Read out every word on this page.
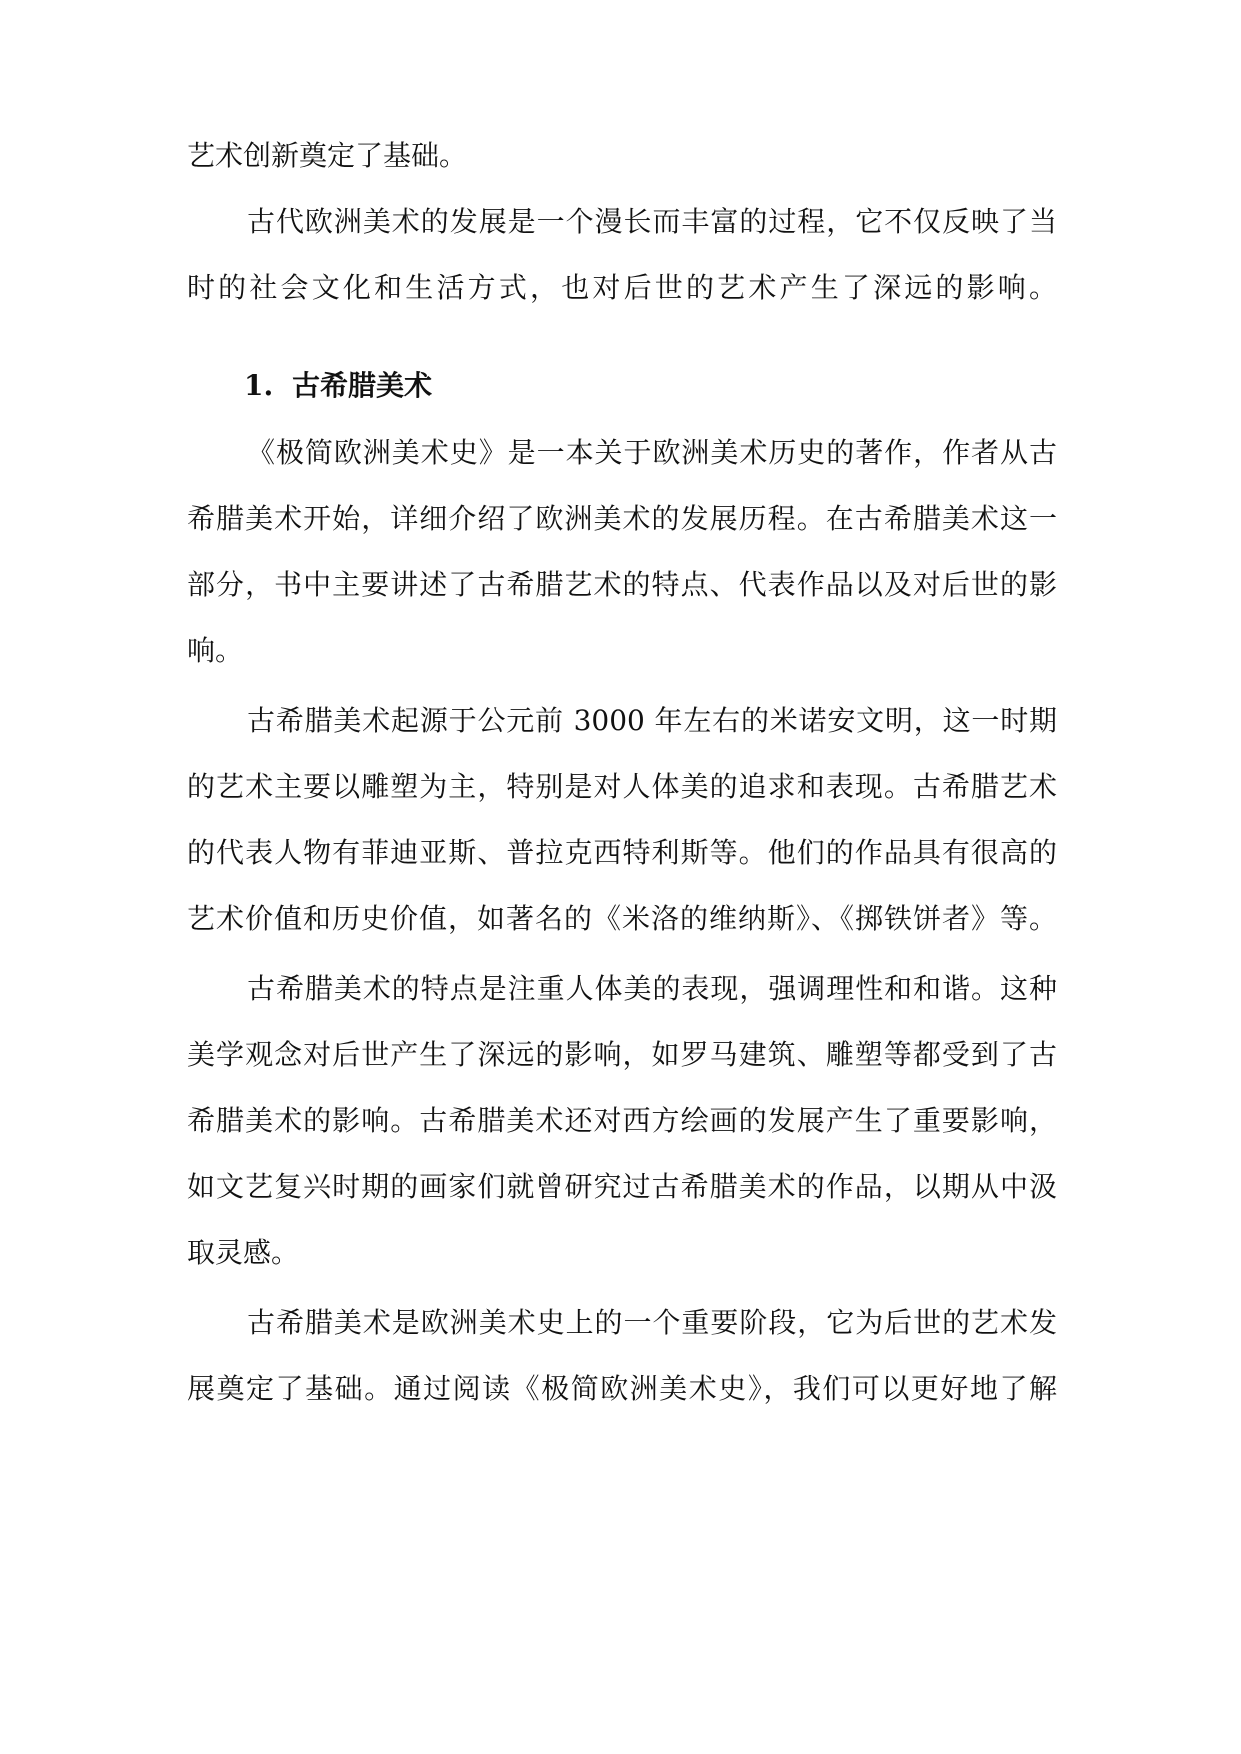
艺术创新奠定了基础。

古代欧洲美术的发展是一个漫长而丰富的过程，它不仅反映了当

时的社会文化和生活方式，也对后世的艺术产生了深远的影响。

1. 古希腊美术

《极简欧洲美术史》是一本关于欧洲美术历史的著作，作者从古

希腊美术开始，详细介绍了欧洲美术的发展历程。在古希腊美术这一

部分，书中主要讲述了古希腊艺术的特点、代表作品以及对后世的影

响。

古希腊美术起源于公元前 3000 年左右的米诺安文明，这一时期

的艺术主要以雕塑为主，特别是对人体美的追求和表现。古希腊艺术

的代表人物有菲迪亚斯、普拉克西特利斯等。他们的作品具有很高的

艺术价值和历史价值，如著名的《米洛的维纳斯》、《掷铁饼者》等。

古希腊美术的特点是注重人体美的表现，强调理性和和谐。这种

美学观念对后世产生了深远的影响，如罗马建筑、雕塑等都受到了古

希腊美术的影响。古希腊美术还对西方绘画的发展产生了重要影响，

如文艺复兴时期的画家们就曾研究过古希腊美术的作品，以期从中汲

取灵感。

古希腊美术是欧洲美术史上的一个重要阶段，它为后世的艺术发

展奠定了基础。通过阅读《极简欧洲美术史》，我们可以更好地了解
